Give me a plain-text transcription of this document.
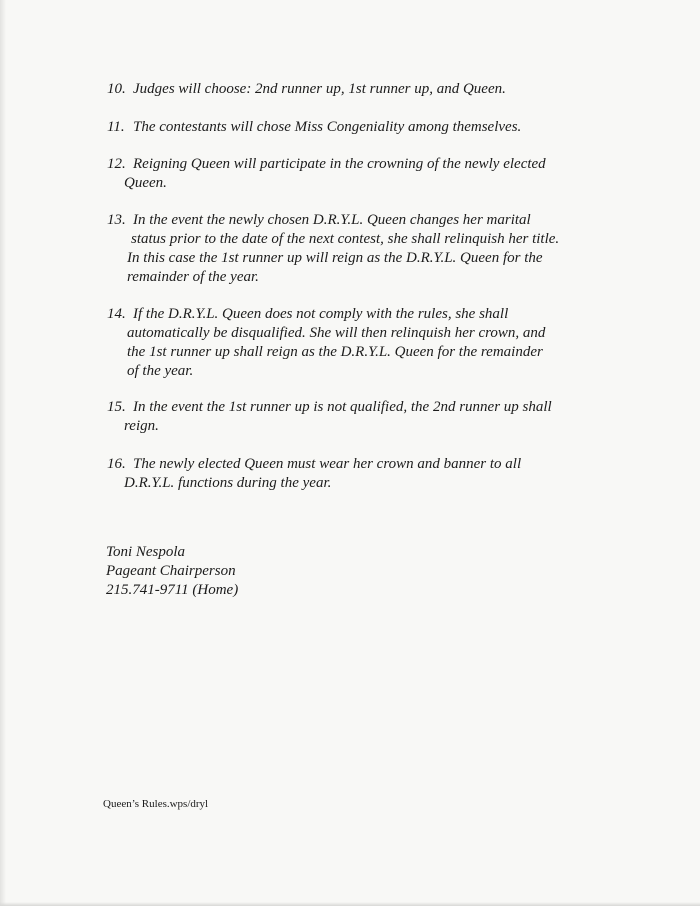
10. Judges will choose: 2nd runner up, 1st runner up, and Queen.
11. The contestants will chose Miss Congeniality among themselves.
12. Reigning Queen will participate in the crowning of the newly elected
Queen.
13. In the event the newly chosen D.R.Y.L. Queen changes her marital
status prior to the date of the next contest, she shall relinquish her title.
In this case the 1st runner up will reign as the D.R.Y.L. Queen for the
remainder of the year.
14. If the D.R.Y.L. Queen does not comply with the rules, she shall
automatically be disqualified. She will then relinquish her crown, and
the 1st runner up shall reign as the D.R.Y.L. Queen for the remainder
of the year.
15. In the event the 1st runner up is not qualified, the 2nd runner up shall
reign.
16. The newly elected Queen must wear her crown and banner to all
D.R.Y.L. functions during the year.
Toni Nespola
Pageant Chairperson
215.741-9711 (Home)
Queen’s Rules.wps/dryl
